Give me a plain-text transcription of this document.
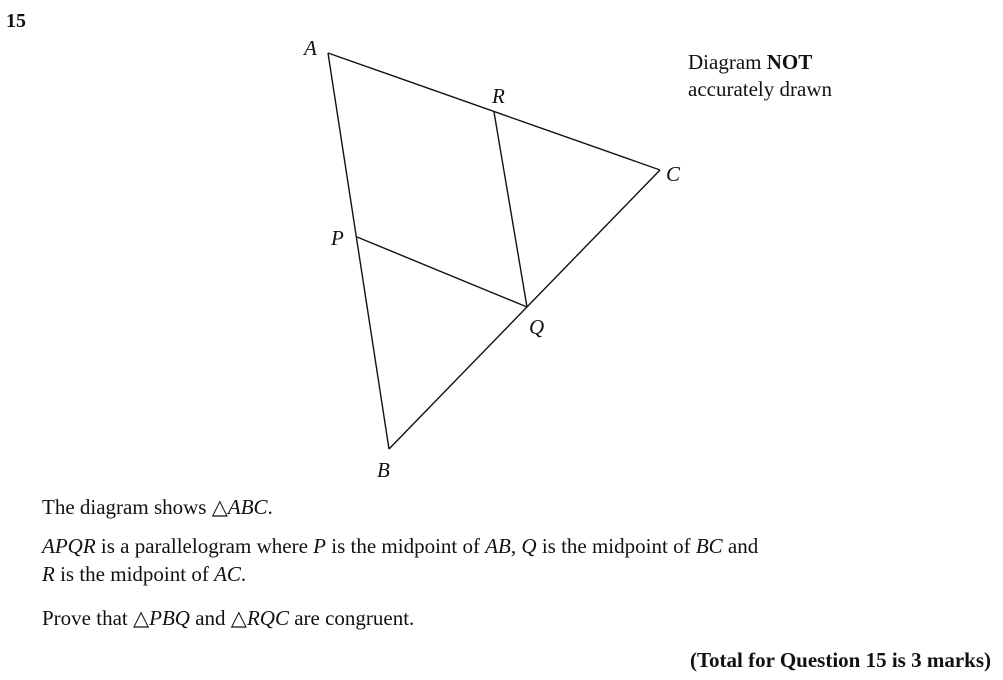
15
A
R
C
P
Q
B
Diagram NOT
accurately drawn
The diagram shows △ABC.
APQR is a parallelogram where P is the midpoint of AB, Q is the midpoint of BC and
R is the midpoint of AC.
Prove that △PBQ and △RQC are congruent.
(Total for Question 15 is 3 marks)
